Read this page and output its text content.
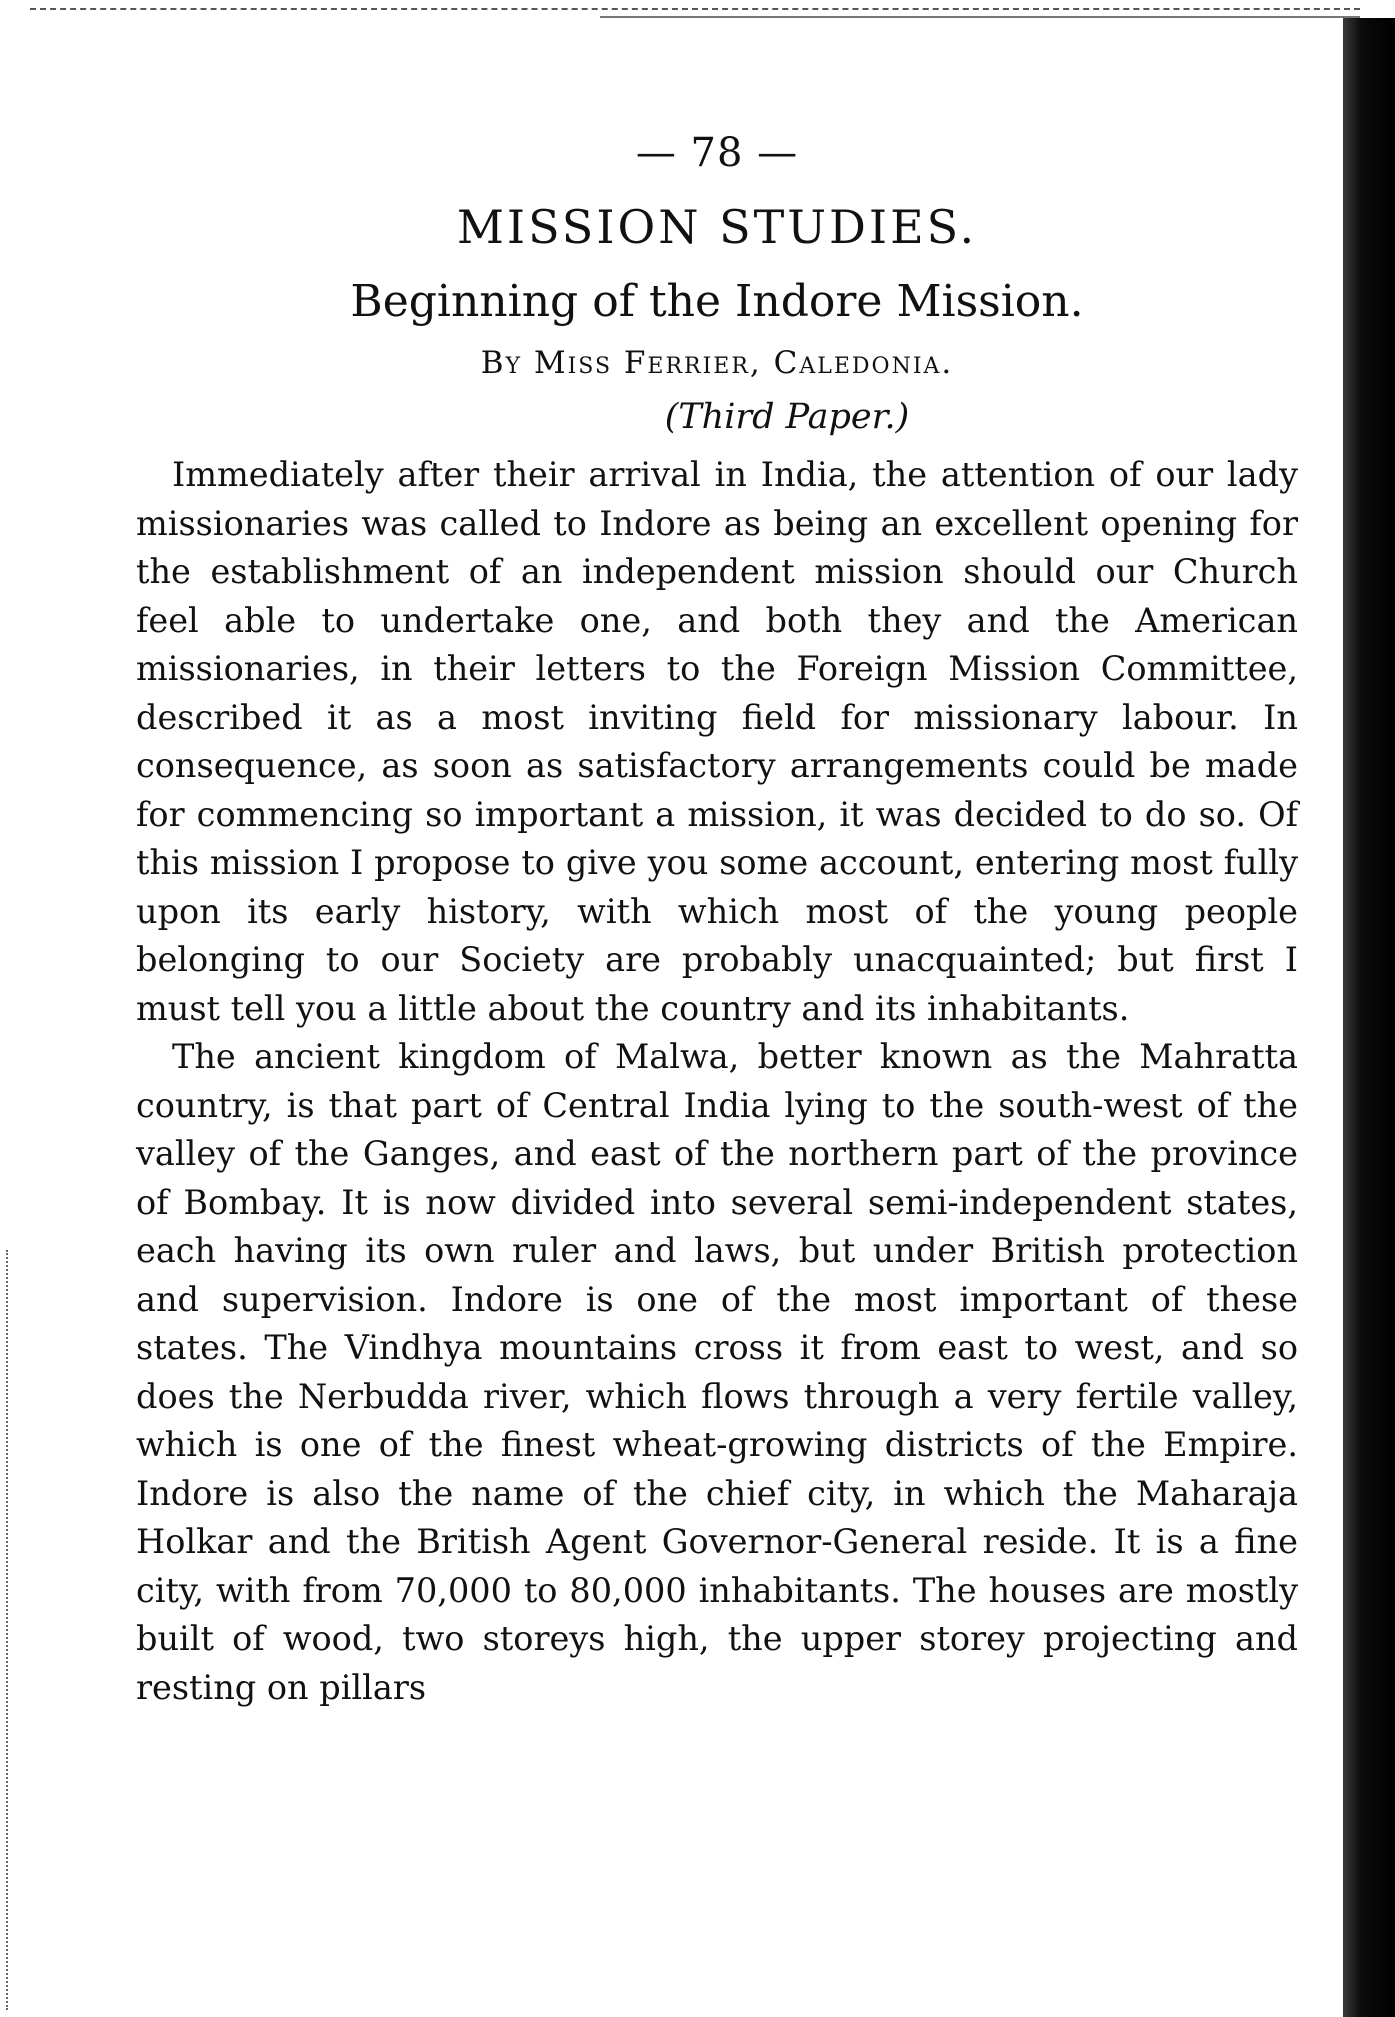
— 78 —
MISSION STUDIES.
Beginning of the Indore Mission.
By Miss Ferrier, Caledonia.
(Third Paper.)

Immediately after their arrival in India, the attention of our lady missionaries was called to Indore as being an excellent opening for the establishment of an independent mission should our Church feel able to undertake one, and both they and the American missionaries, in their letters to the Foreign Mission Committee, described it as a most inviting field for missionary labour. In consequence, as soon as satisfactory arrangements could be made for commencing so important a mission, it was decided to do so. Of this mission I propose to give you some account, entering most fully upon its early history, with which most of the young people belonging to our Society are probably unacquainted; but first I must tell you a little about the country and its inhabitants.

The ancient kingdom of Malwa, better known as the Mahratta country, is that part of Central India lying to the south-west of the valley of the Ganges, and east of the northern part of the province of Bombay. It is now divided into several semi-independent states, each having its own ruler and laws, but under British protection and supervision. Indore is one of the most important of these states. The Vindhya mountains cross it from east to west, and so does the Nerbudda river, which flows through a very fertile valley, which is one of the finest wheat-growing districts of the Empire. Indore is also the name of the chief city, in which the Maharaja Holkar and the British Agent Governor-General reside. It is a fine city, with from 70,000 to 80,000 inhabitants. The houses are mostly built of wood, two storeys high, the upper storey projecting and resting on pillars
